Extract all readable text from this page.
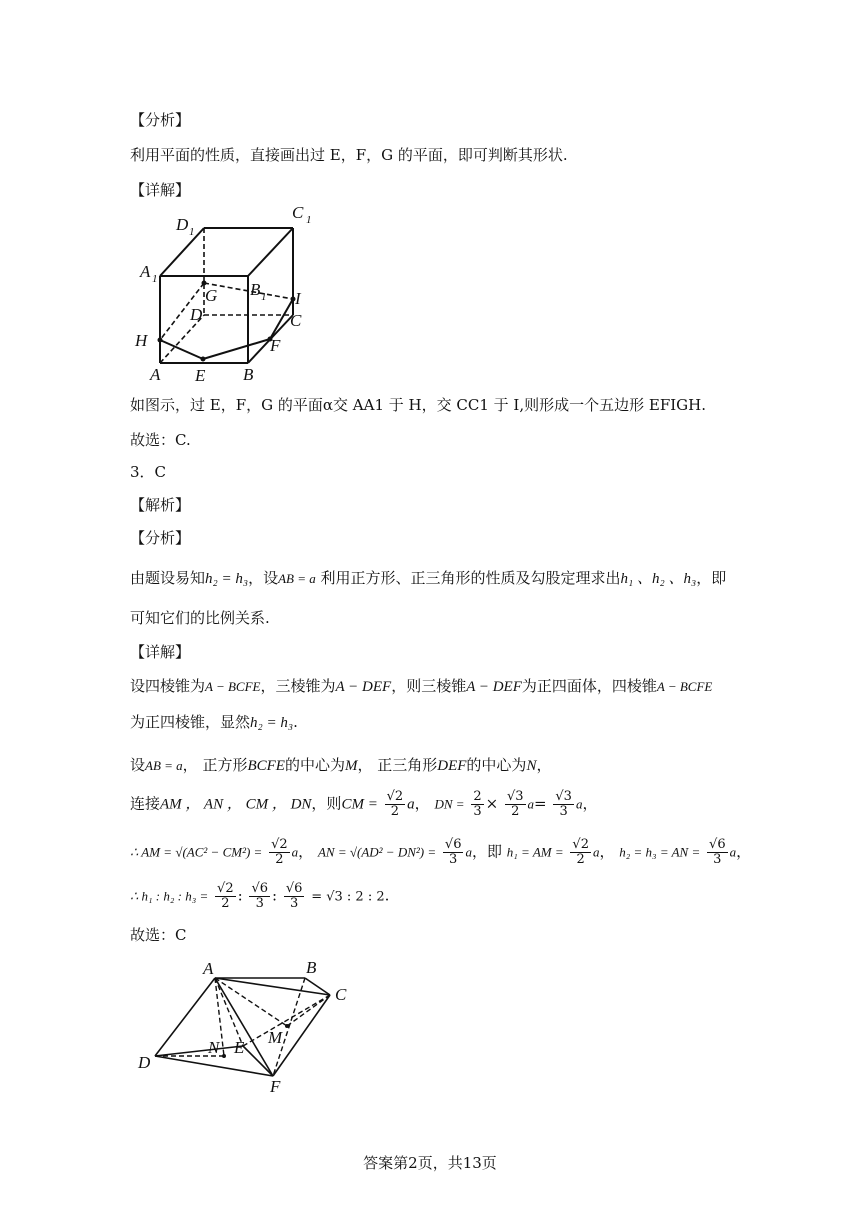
【分析】
利用平面的性质，直接画出过 E，F，G 的平面，即可判断其形状.
【详解】
D 1
C 1
A 1
B 1
G	I
D	C
H	F
A E B
如图示，过 E，F，G 的平面α交 AA1 于 H，交 CC1 于 I,则形成一个五边形 EFIGH.
故选：C.
3．C
【解析】
【分析】
由题设易知h₂ = h₃，设AB = a 利用正方形、正三角形的性质及勾股定理求出h₁ 、h₂ 、h₃，即
可知它们的比例关系.
【详解】
设四棱锥为A − BCFE，三棱锥为A − DEF，则三棱锥A − DEF为正四面体，四棱锥A − BCFE
为正四棱锥，显然h₂ = h₃.
设AB = a， 正方形BCFE的中心为M， 正三角形DEF的中心为N，
连接AM ， AN ， CM ， DN，则CM = $\frac{√2}{2}$ a， DN = $\frac{2}{3} \times \frac{√3}{2} a= \frac{√3}{3}$ a，
∴ AM = $√(AC^2 - CM^2) = \frac{√2}{2}$ a， AN = $√(AD^2 - DN^2) = \frac{√6}{3}$ a，即 h₁ = AM = $\frac{√2}{2}$ a， h₂ = h₃ = AN = $\frac{√6}{3}$ a，
∴ h₁ : h₂ : $h_3 = \frac{√2}{2}$ : $\frac{√6}{3}$ : $\frac{√6}{3} = √3$ : 2 : 2.
故选：C
A	B
C
D
E
F
M
N
答案第2页，共13页
